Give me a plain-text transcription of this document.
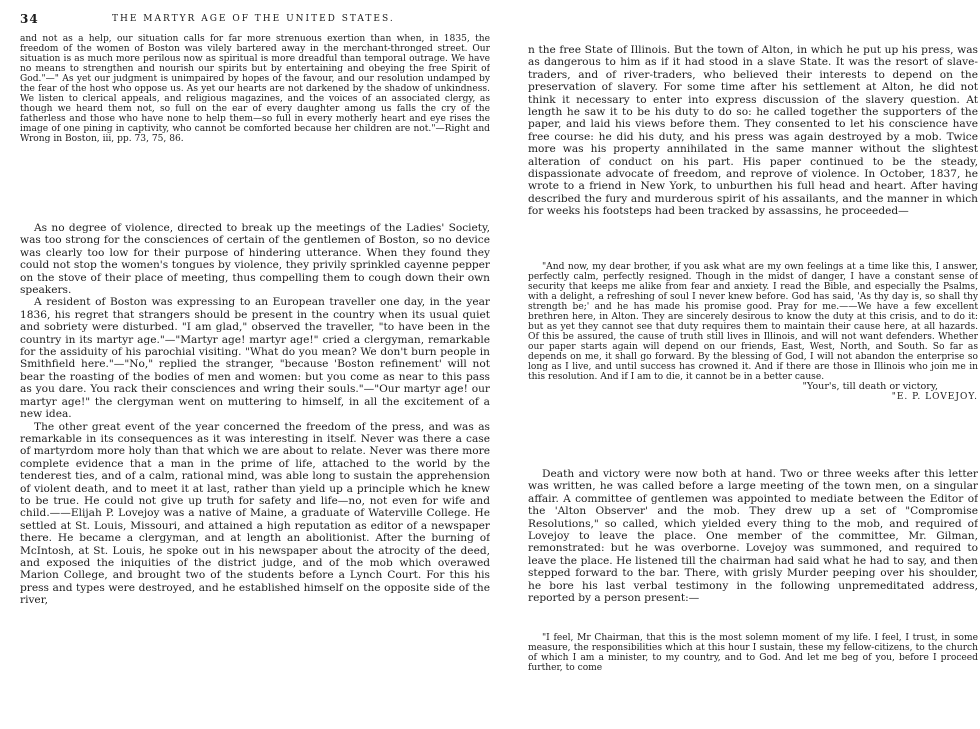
34	THE MARTYR AGE OF THE UNITED STATES.
and not as a help, our situation calls for far more strenuous exertion than when, in 1835, the freedom of the women of Boston was vilely bartered away in the merchant-thronged street. Our situation is as much more perilous now as spiritual is more dreadful than temporal outrage. We have no means to strengthen and nourish our spirits but by entertaining and obeying the free Spirit of God."—" As yet our judgment is unimpaired by hopes of the favour, and our resolution undamped by the fear of the host who oppose us. As yet our hearts are not darkened by the shadow of unkindness. We listen to clerical appeals, and religious magazines, and the voices of an associated clergy, as though we heard them not, so full on the ear of every daughter among us falls the cry of the fatherless and those who have none to help them—so full in every motherly heart and eye rises the image of one pining in captivity, who cannot be comforted because her children are not."—Right and Wrong in Boston, iii, pp. 73, 75, 86.

As no degree of violence, directed to break up the meetings of the Ladies' Society, was too strong for the consciences of certain of the gentlemen of Boston, so no device was clearly too low for their purpose of hindering utterance. When they found they could not stop the women's tongues by violence, they privily sprinkled cayenne pepper on the stove of their place of meeting, thus compelling them to cough down their own speakers.

A resident of Boston was expressing to an European traveller one day, in the year 1836, his regret that strangers should be present in the country when its usual quiet and sobriety were disturbed. "I am glad," observed the traveller, "to have been in the country in its martyr age."—"Martyr age! martyr age!" cried a clergyman, remarkable for the assiduity of his parochial visiting. "What do you mean? We don't burn people in Smithfield here."—"No," replied the stranger, "because 'Boston refinement' will not bear the roasting of the bodies of men and women: but you come as near to this pass as you dare. You rack their consciences and wring their souls."—"Our martyr age! our martyr age!" the clergyman went on muttering to himself, in all the excitement of a new idea.

The other great event of the year concerned the freedom of the press, and was as remarkable in its consequences as it was interesting in itself. Never was there a case of martyrdom more holy than that which we are about to relate. Never was there more complete evidence that a man in the prime of life, attached to the world by the tenderest ties, and of a calm, rational mind, was able long to sustain the apprehension of violent death, and to meet it at last, rather than yield up a principle which he knew to be true. He could not give up truth for safety and life—no, not even for wife and child.——Elijah P. Lovejoy was a native of Maine, a graduate of Waterville College. He settled at St. Louis, Missouri, and attained a high reputation as editor of a newspaper there. He became a clergyman, and at length an abolitionist. After the burning of McIntosh, at St. Louis, he spoke out in his newspaper about the atrocity of the deed, and exposed the iniquities of the district judge, and of the mob which overawed Marion College, and brought two of the students before a Lynch Court. For this his press and types were destroyed, and he established himself on the opposite side of the river,

n the free State of Illinois. But the town of Alton, in which he put up his press, was as dangerous to him as if it had stood in a slave State. It was the resort of slave-traders, and of river-traders, who believed their interests to depend on the preservation of slavery. For some time after his settlement at Alton, he did not think it necessary to enter into express discussion of the slavery question. At length he saw it to be his duty to do so: he called together the supporters of the paper, and laid his views before them. They consented to let his conscience have free course: he did his duty, and his press was again destroyed by a mob. Twice more was his property annihilated in the same manner without the slightest alteration of conduct on his part. His paper continued to be the steady, dispassionate advocate of freedom, and reprove of violence. In October, 1837, he wrote to a friend in New York, to unburthen his full head and heart. After having described the fury and murderous spirit of his assailants, and the manner in which for weeks his footsteps had been tracked by assassins, he proceeded—

"And now, my dear brother, if you ask what are my own feelings at a time like this, I answer, perfectly calm, perfectly resigned. Though in the midst of danger, I have a constant sense of security that keeps me alike from fear and anxiety. I read the Bible, and especially the Psalms, with a delight, a refreshing of soul I never knew before. God has said, 'As thy day is, so shall thy strength be;' and he has made his promise good. Pray for me.——We have a few excellent brethren here, in Alton. They are sincerely desirous to know the duty at this crisis, and to do it: but as yet they cannot see that duty requires them to maintain their cause here, at all hazards. Of this be assured, the cause of truth still lives in Illinois, and will not want defenders. Whether our paper starts again will depend on our friends, East, West, North, and South. So far as depends on me, it shall go forward. By the blessing of God, I will not abandon the enterprise so long as I live, and until success has crowned it. And if there are those in Illinois who join me in this resolution. And if I am to die, it cannot be in a better cause.

"Your's, till death or victory,

"E. P. LOVEJOY.

Death and victory were now both at hand. Two or three weeks after this letter was written, he was called before a large meeting of the town men, on a singular affair. A committee of gentlemen was appointed to mediate between the Editor of the 'Alton Observer' and the mob. They drew up a set of "Compromise Resolutions," so called, which yielded every thing to the mob, and required of Lovejoy to leave the place. One member of the committee, Mr. Gilman, remonstrated: but he was overborne. Lovejoy was summoned, and required to leave the place. He listened till the chairman had said what he had to say, and then stepped forward to the bar. There, with grisly Murder peeping over his shoulder, he bore his last verbal testimony in the following unpremeditated address, reported by a person present:—

"I feel, Mr Chairman, that this is the most solemn moment of my life. I feel, I trust, in some measure, the responsibilities which at this hour I sustain, these my fellow-citizens, to the church of which I am a minister, to my country, and to God. And let me beg of you, before I proceed further, to come
